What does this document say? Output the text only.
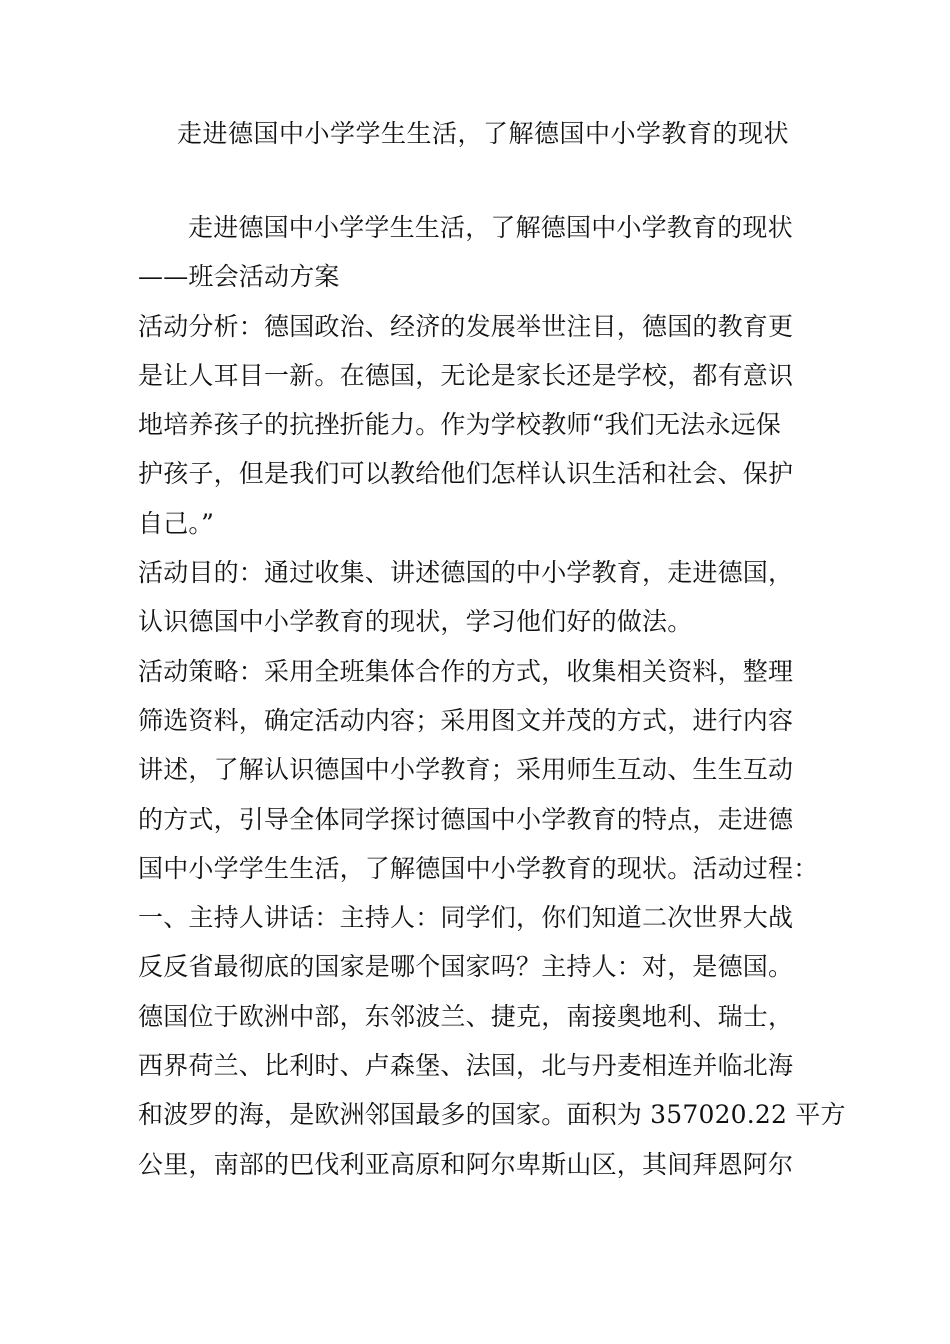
走进德国中小学学生生活，了解德国中小学教育的现状
走进德国中小学学生生活，了解德国中小学教育的现状
——班会活动方案
活动分析：德国政治、经济的发展举世注目，德国的教育更
是让人耳目一新。在德国，无论是家长还是学校，都有意识
地培养孩子的抗挫折能力。作为学校教师“我们无法永远保
护孩子，但是我们可以教给他们怎样认识生活和社会、保护
自己。”
活动目的：通过收集、讲述德国的中小学教育，走进德国，
认识德国中小学教育的现状，学习他们好的做法。
活动策略：采用全班集体合作的方式，收集相关资料，整理
筛选资料，确定活动内容；采用图文并茂的方式，进行内容
讲述，了解认识德国中小学教育；采用师生互动、生生互动
的方式，引导全体同学探讨德国中小学教育的特点，走进德
国中小学学生生活，了解德国中小学教育的现状。活动过程：
一、主持人讲话：主持人：同学们，你们知道二次世界大战
反反省最彻底的国家是哪个国家吗？主持人：对，是德国。
德国位于欧洲中部，东邻波兰、捷克，南接奥地利、瑞士，
西界荷兰、比利时、卢森堡、法国，北与丹麦相连并临北海
和波罗的海，是欧洲邻国最多的国家。面积为 357020.22 平方
公里，南部的巴伐利亚高原和阿尔卑斯山区，其间拜恩阿尔
